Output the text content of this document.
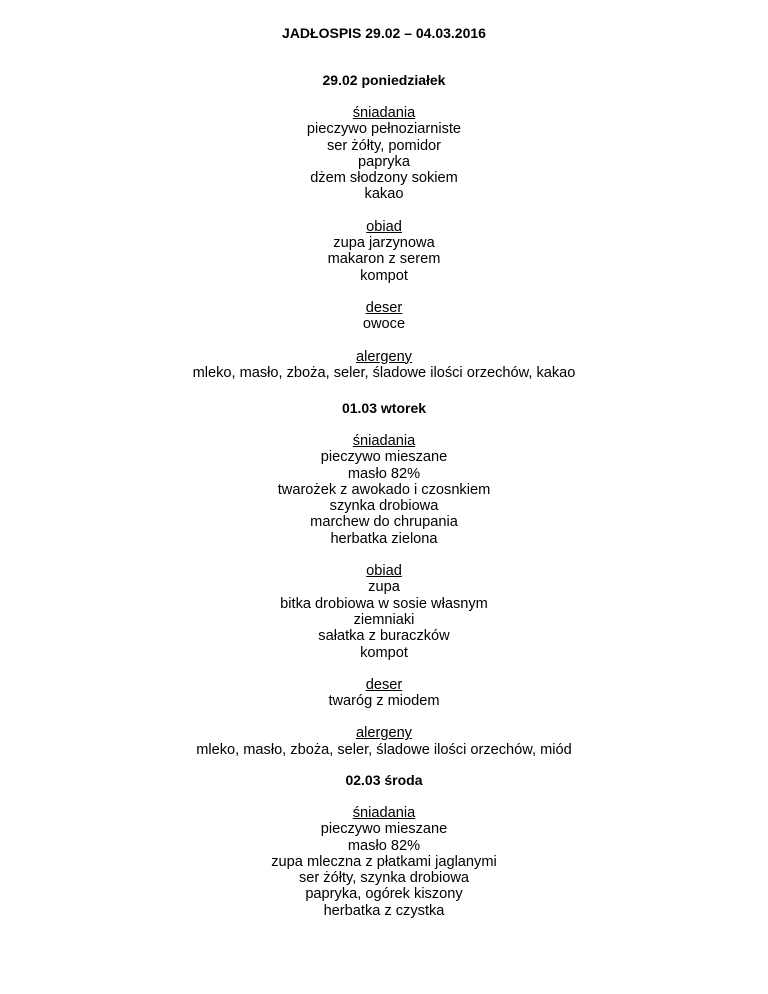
JADŁOSPIS 29.02 – 04.03.2016
29.02 poniedziałek
śniadania
pieczywo pełnoziarniste
ser żółty, pomidor
papryka
dżem słodzony sokiem
kakao
obiad
zupa jarzynowa
makaron z serem
kompot
deser
owoce
alergeny
mleko, masło, zboża, seler, śladowe ilości orzechów, kakao
01.03 wtorek
śniadania
pieczywo mieszane
masło 82%
twarożek z awokado i czosnkiem
szynka drobiowa
marchew do chrupania
herbatka zielona
obiad
zupa
bitka drobiowa w sosie własnym
ziemniaki
sałatka z buraczków
kompot
deser
twaróg z miodem
alergeny
mleko, masło, zboża, seler, śladowe ilości orzechów, miód
02.03 środa
śniadania
pieczywo mieszane
masło 82%
zupa mleczna z płatkami jaglanymi
ser żółty, szynka drobiowa
papryka, ogórek kiszony
herbatka z czystka
